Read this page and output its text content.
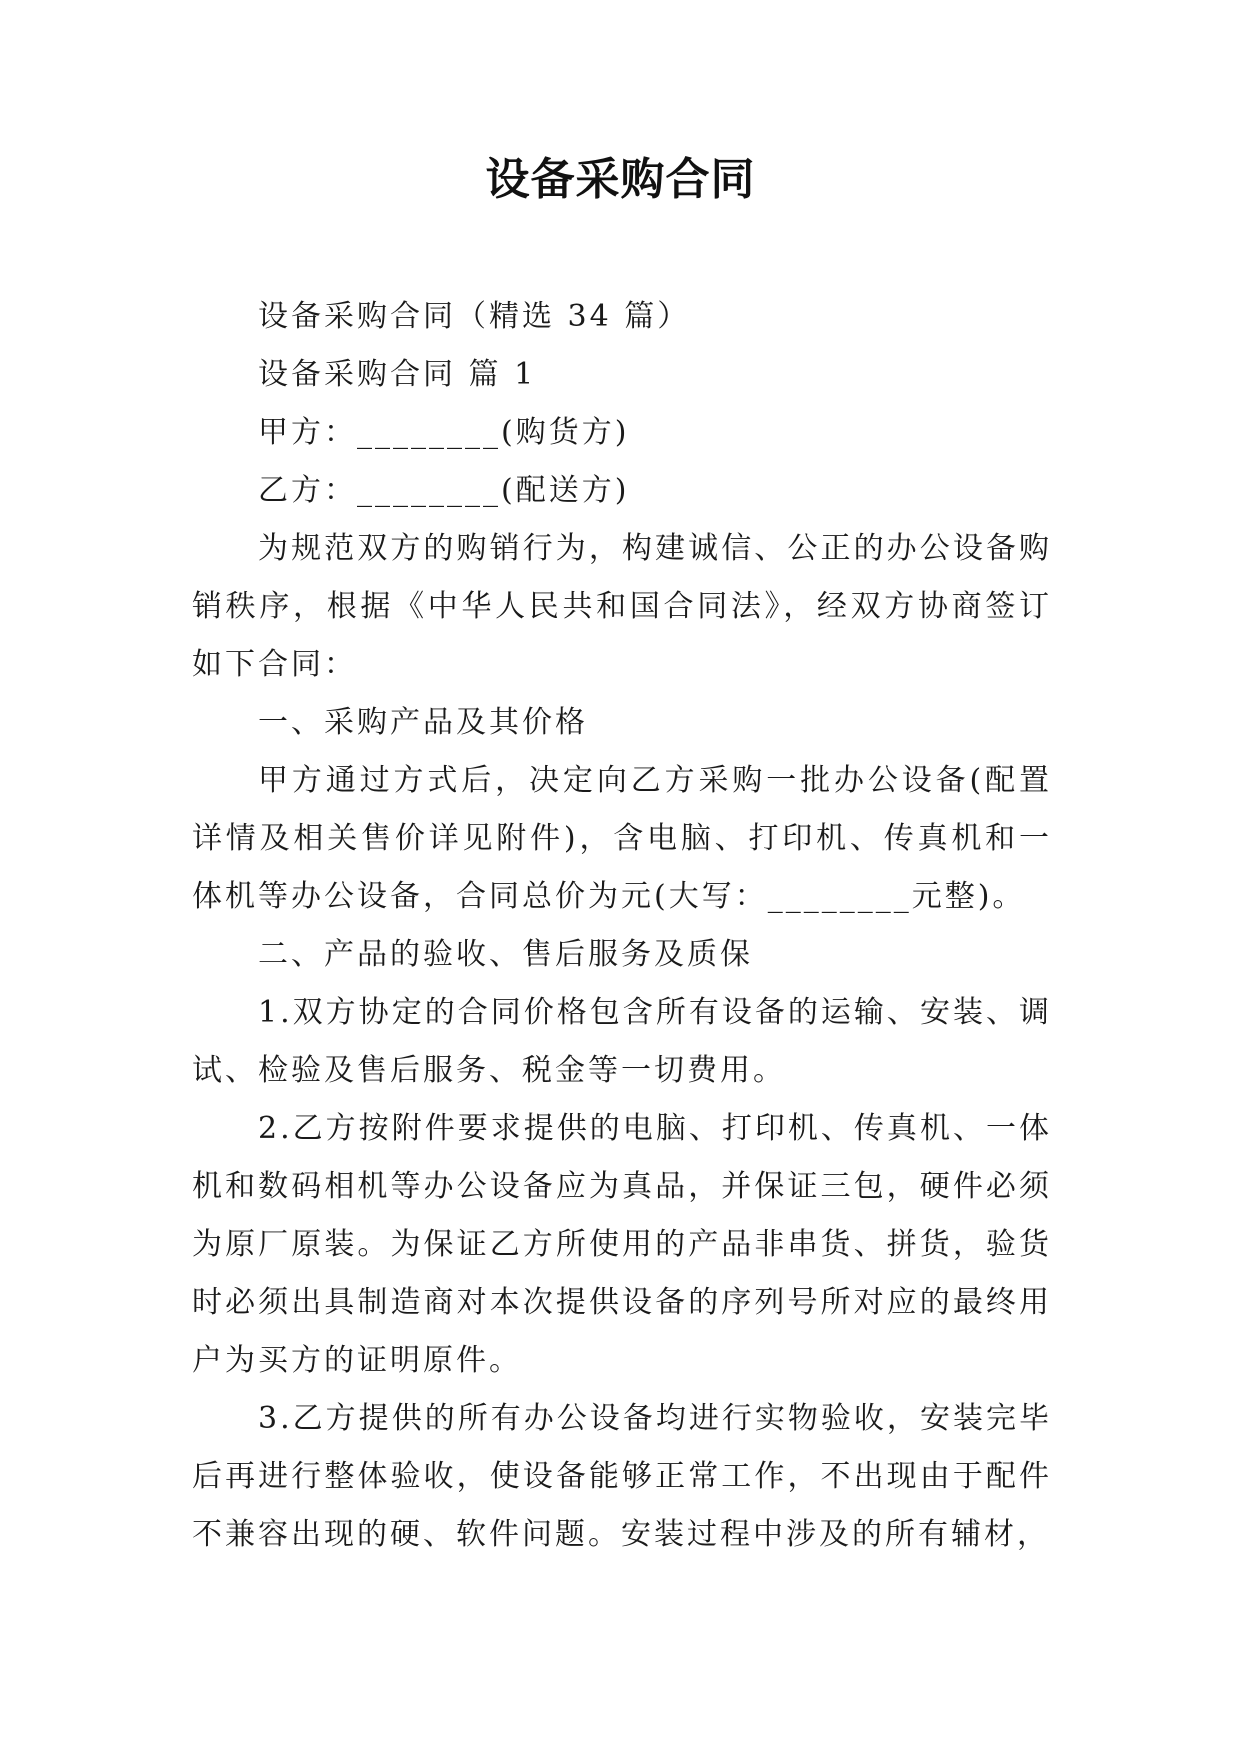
设备采购合同

设备采购合同（精选 34 篇）

设备采购合同 篇 1

甲方：________(购货方)

乙方：________(配送方)

为规范双方的购销行为，构建诚信、公正的办公设备购销秩序，根据《中华人民共和国合同法》，经双方协商签订如下合同：

一、采购产品及其价格

甲方通过方式后，决定向乙方采购一批办公设备(配置详情及相关售价详见附件)，含电脑、打印机、传真机和一体机等办公设备，合同总价为元(大写：________元整)。

二、产品的验收、售后服务及质保

1.双方协定的合同价格包含所有设备的运输、安装、调试、检验及售后服务、税金等一切费用。

2.乙方按附件要求提供的电脑、打印机、传真机、一体机和数码相机等办公设备应为真品，并保证三包，硬件必须为原厂原装。为保证乙方所使用的产品非串货、拼货，验货时必须出具制造商对本次提供设备的序列号所对应的最终用户为买方的证明原件。

3.乙方提供的所有办公设备均进行实物验收，安装完毕后再进行整体验收，使设备能够正常工作，不出现由于配件不兼容出现的硬、软件问题。安装过程中涉及的所有辅材，
